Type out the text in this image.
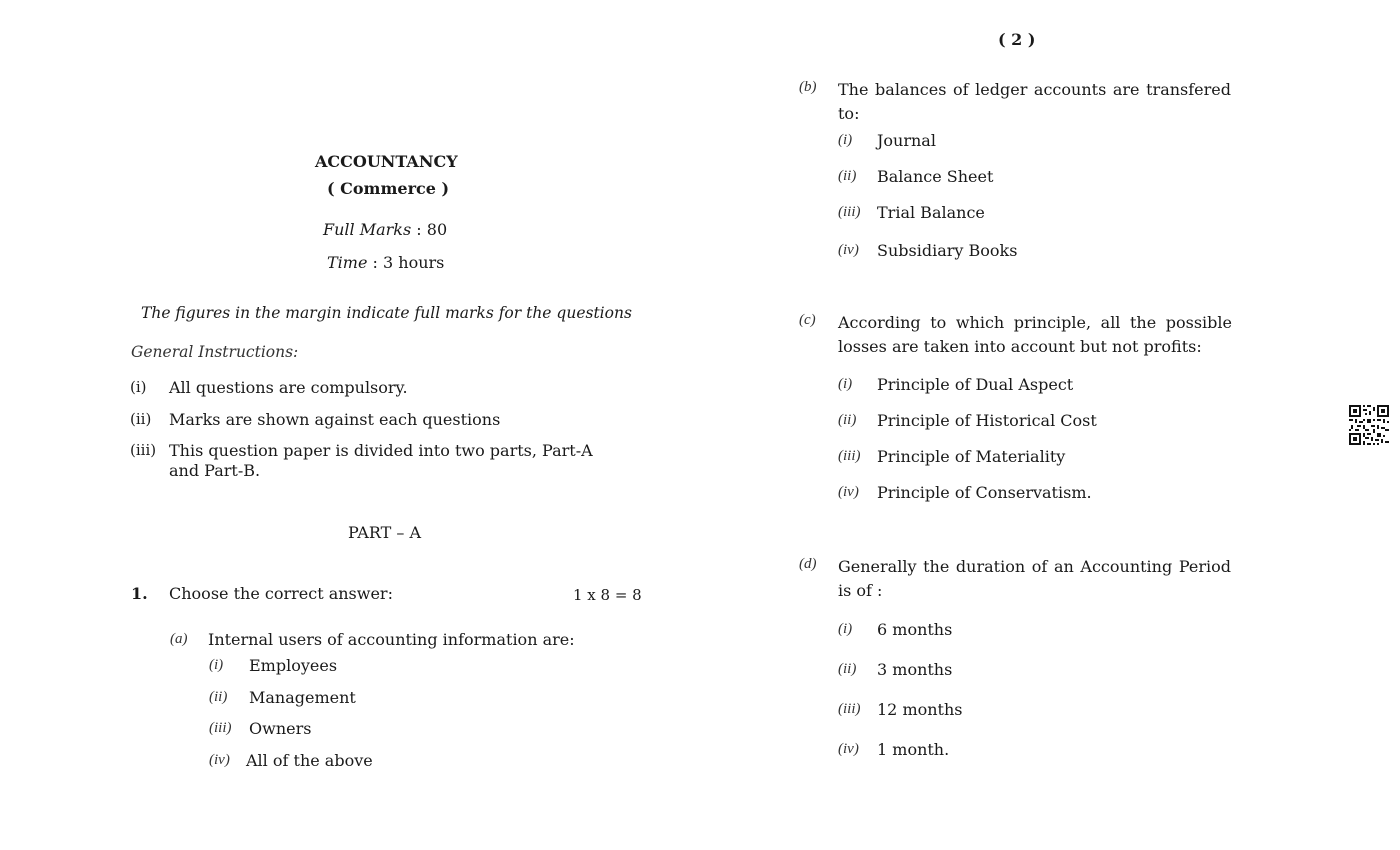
ACCOUNTANCY
( Commerce )
Full Marks : 80
Time : 3 hours
The figures in the margin indicate full marks for the questions
General Instructions:
(i) All questions are compulsory.
(ii) Marks are shown against each questions
(iii) This question paper is divided into two parts, Part-A and Part-B.
PART – A
1. Choose the correct answer:	1 x 8 = 8
(a) Internal users of accounting information are:
(i) Employees
(ii) Management
(iii) Owners
(iv) All of the above
( 2 )
(b) The balances of ledger accounts are transfered to:
(i) Journal
(ii) Balance Sheet
(iii) Trial Balance
(iv) Subsidiary Books
(c) According to which principle, all the possible losses are taken into account but not profits:
(i) Principle of Dual Aspect
(ii) Principle of Historical Cost
(iii) Principle of Materiality
(iv) Principle of Conservatism.
(d) Generally the duration of an Accounting Period is of :
(i) 6 months
(ii) 3 months
(iii) 12 months
(iv) 1 month.
